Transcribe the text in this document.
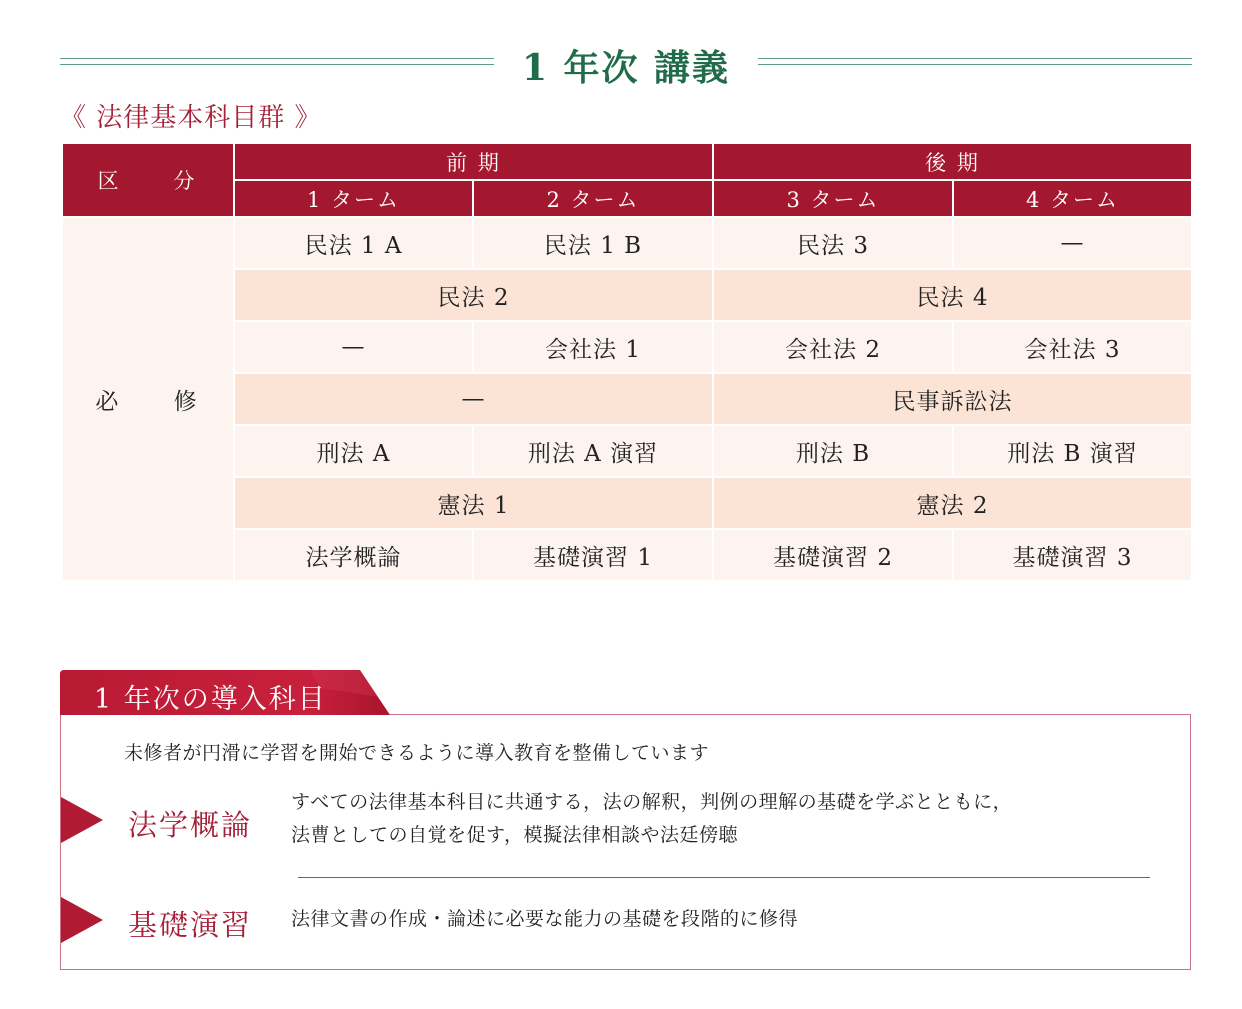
1 年次 講義
《 法律基本科目群 》
区 分	前 期		後 期	
	1 ターム	2 ターム	3 ターム	4 ターム
必 修	民法 1 A	民法 1 B	民法 3	—
	民法 2		民法 4	
	—	会社法 1	会社法 2	会社法 3
	—		民事訴訟法	
	刑法 A	刑法 A 演習	刑法 B	刑法 B 演習
	憲法 1		憲法 2	
	法学概論	基礎演習 1	基礎演習 2	基礎演習 3
1 年次の導入科目
未修者が円滑に学習を開始できるように導入教育を整備しています
法学概論
すべての法律基本科目に共通する，法の解釈，判例の理解の基礎を学ぶとともに，
法曹としての自覚を促す，模擬法律相談や法廷傍聴
基礎演習 法律文書の作成・論述に必要な能力の基礎を段階的に修得
